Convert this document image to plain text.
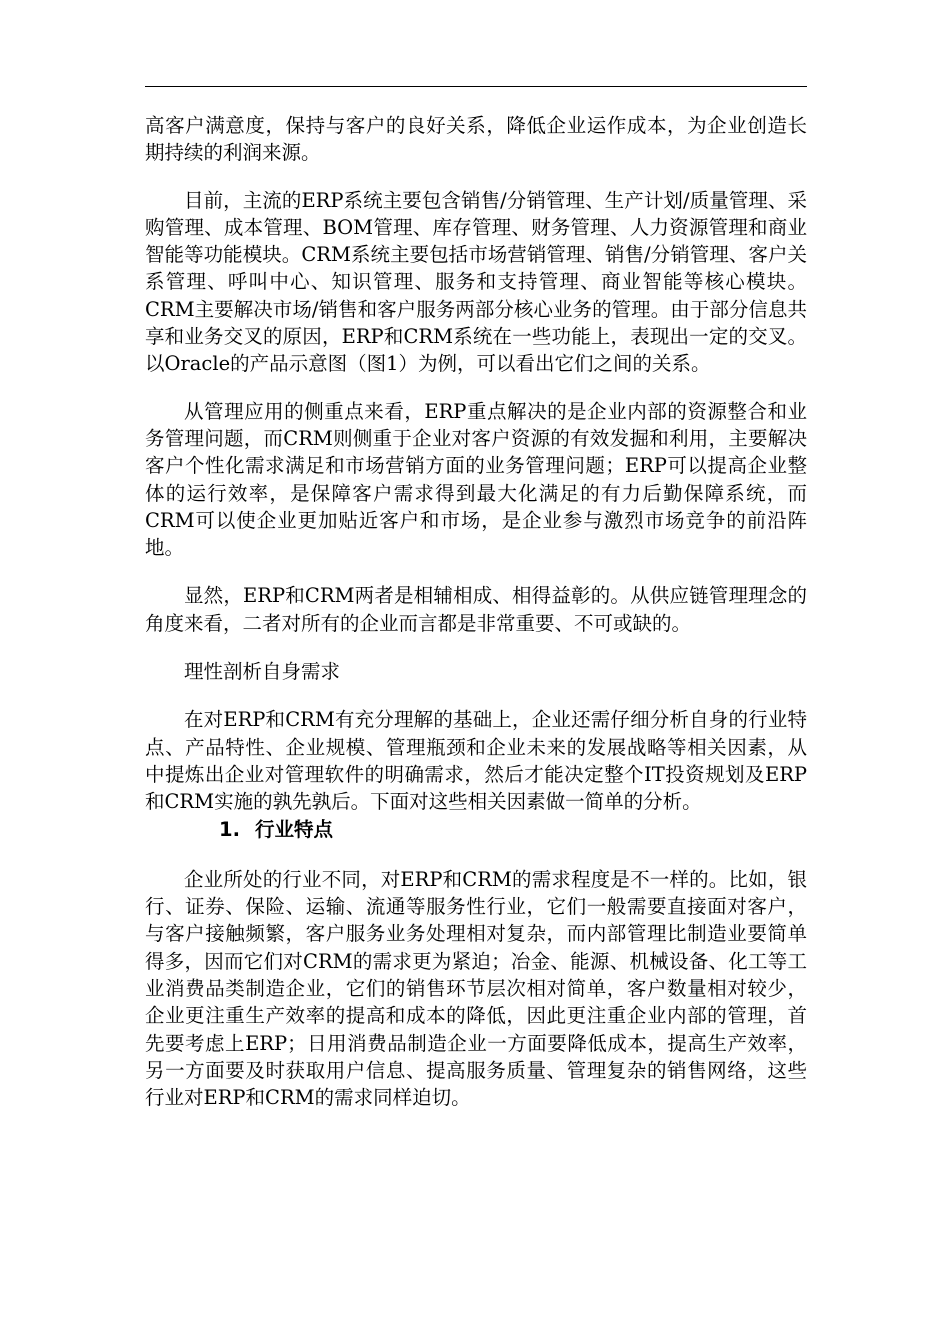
高客户满意度，保持与客户的良好关系，降低企业运作成本，为企业创造长期持续的利润来源。

目前，主流的ERP系统主要包含销售/分销管理、生产计划/质量管理、采购管理、成本管理、BOM管理、库存管理、财务管理、人力资源管理和商业智能等功能模块。CRM系统主要包括市场营销管理、销售/分销管理、客户关系管理、呼叫中心、知识管理、服务和支持管理、商业智能等核心模块。CRM主要解决市场/销售和客户服务两部分核心业务的管理。由于部分信息共享和业务交叉的原因，ERP和CRM系统在一些功能上，表现出一定的交叉。以Oracle的产品示意图（图1）为例，可以看出它们之间的关系。

从管理应用的侧重点来看，ERP重点解决的是企业内部的资源整合和业务管理问题，而CRM则侧重于企业对客户资源的有效发掘和利用，主要解决客户个性化需求满足和市场营销方面的业务管理问题；ERP可以提高企业整体的运行效率，是保障客户需求得到最大化满足的有力后勤保障系统，而CRM可以使企业更加贴近客户和市场，是企业参与激烈市场竞争的前沿阵地。

显然，ERP和CRM两者是相辅相成、相得益彰的。从供应链管理理念的角度来看，二者对所有的企业而言都是非常重要、不可或缺的。

理性剖析自身需求

在对ERP和CRM有充分理解的基础上，企业还需仔细分析自身的行业特点、产品特性、企业规模、管理瓶颈和企业未来的发展战略等相关因素，从中提炼出企业对管理软件的明确需求，然后才能决定整个IT投资规划及ERP和CRM实施的孰先孰后。下面对这些相关因素做一简单的分析。

1. 行业特点

企业所处的行业不同，对ERP和CRM的需求程度是不一样的。比如，银行、证券、保险、运输、流通等服务性行业，它们一般需要直接面对客户，与客户接触频繁，客户服务业务处理相对复杂，而内部管理比制造业要简单得多，因而它们对CRM的需求更为紧迫；冶金、能源、机械设备、化工等工业消费品类制造企业，它们的销售环节层次相对简单，客户数量相对较少，企业更注重生产效率的提高和成本的降低，因此更注重企业内部的管理，首先要考虑上ERP；日用消费品制造企业一方面要降低成本，提高生产效率，另一方面要及时获取用户信息、提高服务质量、管理复杂的销售网络，这些行业对ERP和CRM的需求同样迫切。
